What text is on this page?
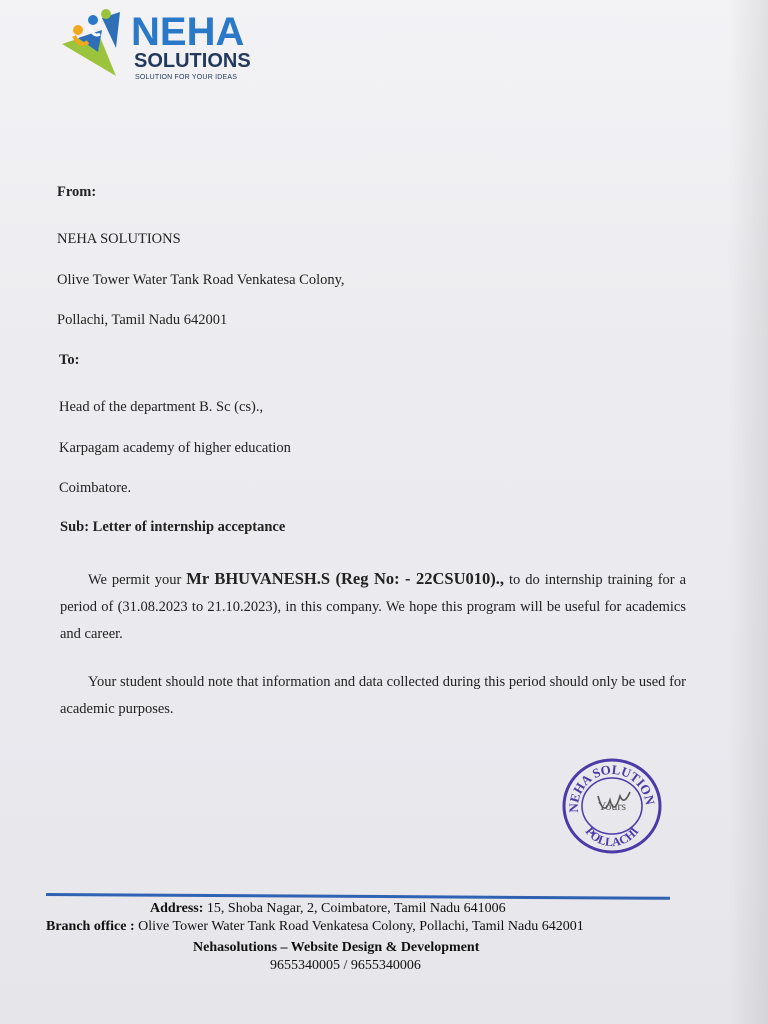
NEHA
SOLUTIONS
SOLUTION FOR YOUR IDEAS
From:
NEHA SOLUTIONS
Olive Tower Water Tank Road Venkatesa Colony,
Pollachi, Tamil Nadu 642001
To:
Head of the department B. Sc (cs).,
Karpagam academy of higher education
Coimbatore.
Sub: Letter of internship acceptance
We permit your Mr BHUVANESH.S (Reg No: - 22CSU010)., to do internship training for a period of (31.08.2023 to 21.10.2023), in this company. We hope this program will be useful for academics and career.
Your student should note that information and data collected during this period should only be used for academic purposes.
NEHA SOLUTION
POLLACHI
Yours
Address: 15, Shoba Nagar, 2, Coimbatore, Tamil Nadu 641006
Branch office : Olive Tower Water Tank Road Venkatesa Colony, Pollachi, Tamil Nadu 642001
Nehasolutions – Website Design & Development
9655340005 / 9655340006
